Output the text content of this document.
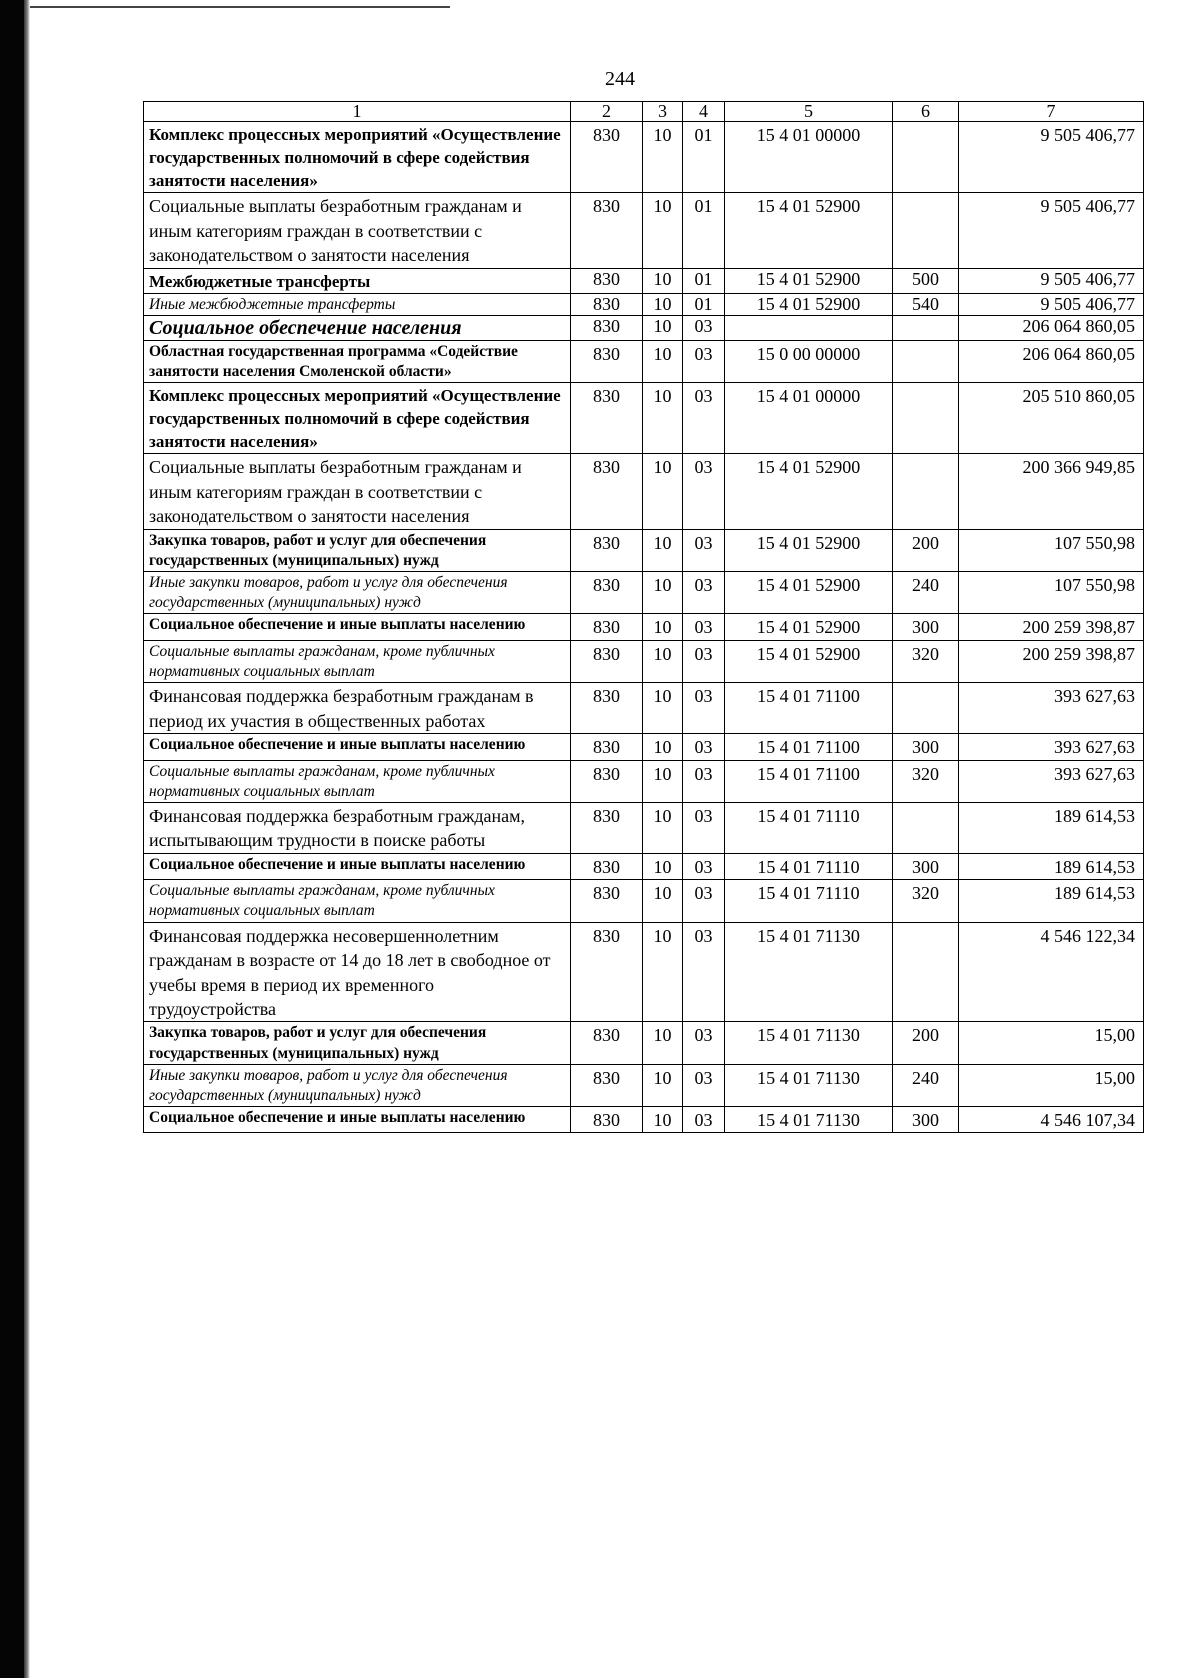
244
1	2	3	4	5	6	7
Комплекс процессных мероприятий «Осуществление государственных полномочий в сфере содействия занятости населения»	830	10	01	15 4 01 00000		9 505 406,77
Социальные выплаты безработным гражданам и иным категориям граждан в соответствии с законодательством о занятости населения	830	10	01	15 4 01 52900		9 505 406,77
Межбюджетные трансферты	830	10	01	15 4 01 52900	500	9 505 406,77
Иные межбюджетные трансферты	830	10	01	15 4 01 52900	540	9 505 406,77
Социальное обеспечение населения	830	10	03			206 064 860,05
Областная государственная программа «Содействие занятости населения Смоленской области»	830	10	03	15 0 00 00000		206 064 860,05
Комплекс процессных мероприятий «Осуществление государственных полномочий в сфере содействия занятости населения»	830	10	03	15 4 01 00000		205 510 860,05
Социальные выплаты безработным гражданам и иным категориям граждан в соответствии с законодательством о занятости населения	830	10	03	15 4 01 52900		200 366 949,85
Закупка товаров, работ и услуг для обеспечения государственных (муниципальных) нужд	830	10	03	15 4 01 52900	200	107 550,98
Иные закупки товаров, работ и услуг для обеспечения государственных (муниципальных) нужд	830	10	03	15 4 01 52900	240	107 550,98
Социальное обеспечение и иные выплаты населению	830	10	03	15 4 01 52900	300	200 259 398,87
Социальные выплаты гражданам, кроме публичных нормативных социальных выплат	830	10	03	15 4 01 52900	320	200 259 398,87
Финансовая поддержка безработным гражданам в период их участия в общественных работах	830	10	03	15 4 01 71100		393 627,63
Социальное обеспечение и иные выплаты населению	830	10	03	15 4 01 71100	300	393 627,63
Социальные выплаты гражданам, кроме публичных нормативных социальных выплат	830	10	03	15 4 01 71100	320	393 627,63
Финансовая поддержка безработным гражданам, испытывающим трудности в поиске работы	830	10	03	15 4 01 71110		189 614,53
Социальное обеспечение и иные выплаты населению	830	10	03	15 4 01 71110	300	189 614,53
Социальные выплаты гражданам, кроме публичных нормативных социальных выплат	830	10	03	15 4 01 71110	320	189 614,53
Финансовая поддержка несовершеннолетним гражданам в возрасте от 14 до 18 лет в свободное от учебы время в период их временного трудоустройства	830	10	03	15 4 01 71130		4 546 122,34
Закупка товаров, работ и услуг для обеспечения государственных (муниципальных) нужд	830	10	03	15 4 01 71130	200	15,00
Иные закупки товаров, работ и услуг для обеспечения государственных (муниципальных) нужд	830	10	03	15 4 01 71130	240	15,00
Социальное обеспечение и иные выплаты населению	830	10	03	15 4 01 71130	300	4 546 107,34
